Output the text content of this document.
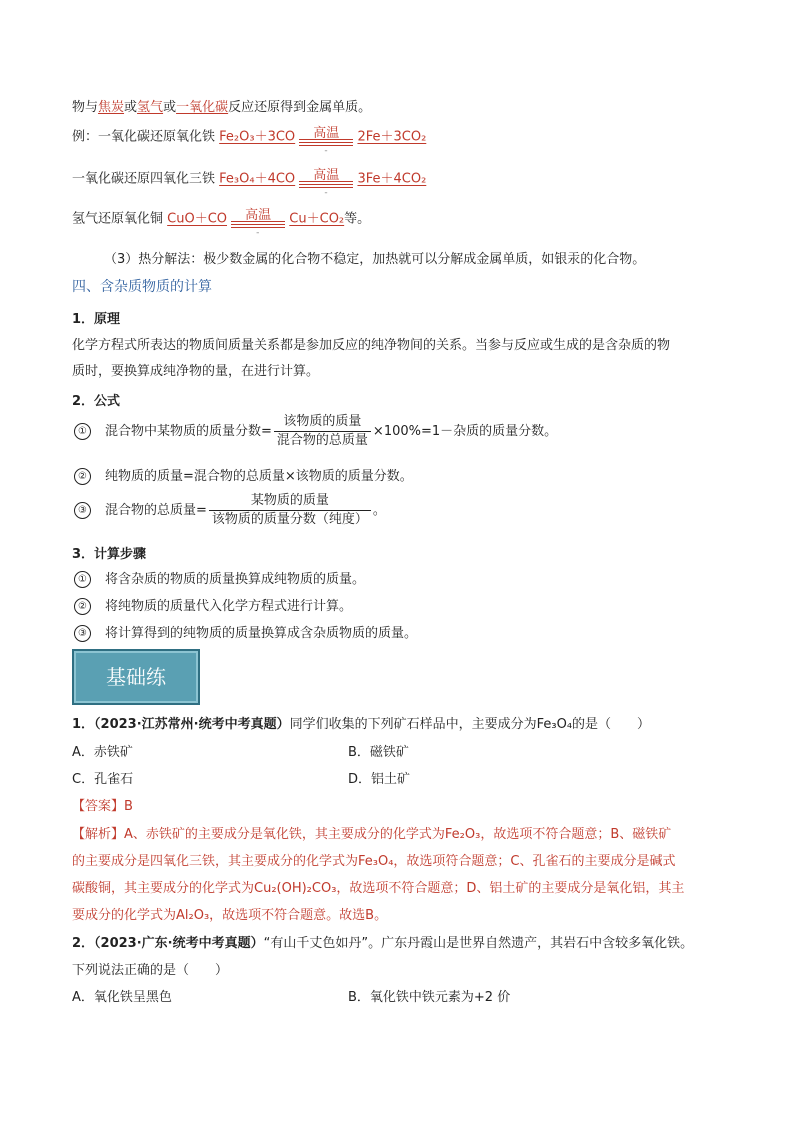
物与焦炭或氢气或一氧化碳反应还原得到金属单质。
例：一氧化碳还原氧化铁 Fe₂O₃＋3CO	高温
-
2Fe＋3CO₂
一氧化碳还原四氧化三铁 Fe₃O₄＋4CO	高温
-
3Fe＋4CO₂
氢气还原氧化铜 CuO＋CO	高温
-
Cu＋CO₂等。
（3）热分解法：极少数金属的化合物不稳定，加热就可以分解成金属单质，如银汞的化合物。
四、含杂质物质的计算
1．原理
化学方程式所表达的物质间质量关系都是参加反应的纯净物间的关系。当参与反应或生成的是含杂质的物
质时，要换算成纯净物的量，在进行计算。
2．公式
① 混合物中某物质的质量分数= $\frac{\text{该物质的质量}}{\text{混合物的总质量}} \times 100\%=1-$杂质的质量分数。
② 纯物质的质量=混合物的总质量×该物质的质量分数。
③ 混合物的总质量= $\frac{\text{某物质的质量}}{\text{该物质的质量分数（纯度）}}$ 。
3．计算步骤
① 将含杂质的物质的质量换算成纯物质的质量。
② 将纯物质的质量代入化学方程式进行计算。
③ 将计算得到的纯物质的质量换算成含杂质物质的质量。
基础练
1．（2023·江苏常州·统考中考真题）同学们收集的下列矿石样品中，主要成分为Fe₃O₄的是（　　）
A．赤铁矿	B．磁铁矿
C．孔雀石	D．铝土矿
【答案】B
【解析】A、赤铁矿的主要成分是氧化铁，其主要成分的化学式为Fe₂O₃，故选项不符合题意；B、磁铁矿
的主要成分是四氧化三铁，其主要成分的化学式为Fe₃O₄，故选项符合题意；C、孔雀石的主要成分是碱式
碳酸铜，其主要成分的化学式为Cu₂(OH)₂CO₃，故选项不符合题意；D、铝土矿的主要成分是氧化铝，其主
要成分的化学式为Al₂O₃，故选项不符合题意。故选B。
2．（2023·广东·统考中考真题）“有山千丈色如丹”。广东丹霞山是世界自然遗产，其岩石中含较多氧化铁。
下列说法正确的是（　　）
A．氧化铁呈黑色	B．氧化铁中铁元素为+2 价
